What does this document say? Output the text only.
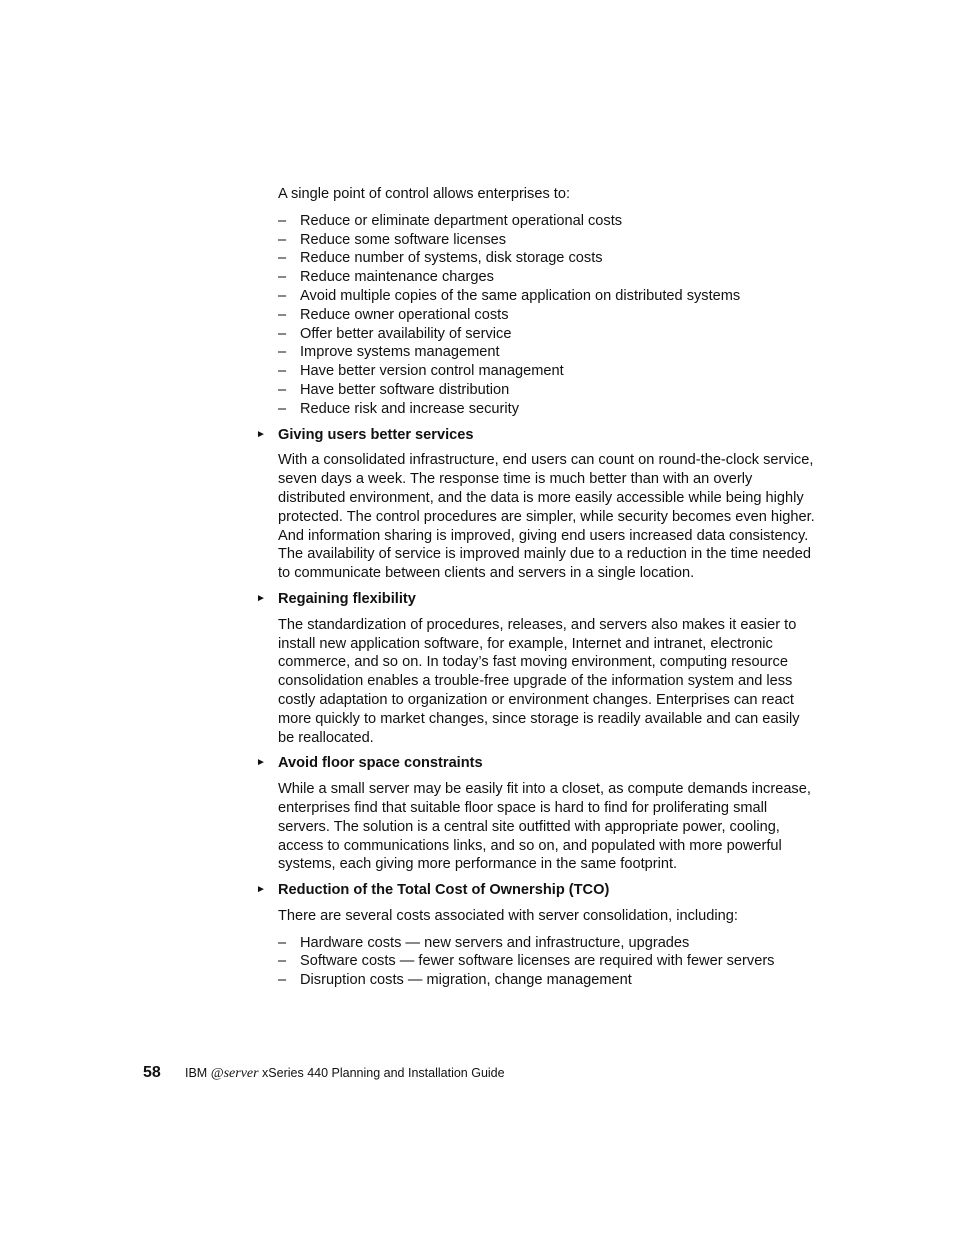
A single point of control allows enterprises to:

– Reduce or eliminate department operational costs
– Reduce some software licenses
– Reduce number of systems, disk storage costs
– Reduce maintenance charges
– Avoid multiple copies of the same application on distributed systems
– Reduce owner operational costs
– Offer better availability of service
– Improve systems management
– Have better version control management
– Have better software distribution
– Reduce risk and increase security

► Giving users better services

With a consolidated infrastructure, end users can count on round-the-clock service, seven days a week. The response time is much better than with an overly distributed environment, and the data is more easily accessible while being highly protected. The control procedures are simpler, while security becomes even higher. And information sharing is improved, giving end users increased data consistency. The availability of service is improved mainly due to a reduction in the time needed to communicate between clients and servers in a single location.

► Regaining flexibility

The standardization of procedures, releases, and servers also makes it easier to install new application software, for example, Internet and intranet, electronic commerce, and so on. In today’s fast moving environment, computing resource consolidation enables a trouble-free upgrade of the information system and less costly adaptation to organization or environment changes. Enterprises can react more quickly to market changes, since storage is readily available and can easily be reallocated.

► Avoid floor space constraints

While a small server may be easily fit into a closet, as compute demands increase, enterprises find that suitable floor space is hard to find for proliferating small servers. The solution is a central site outfitted with appropriate power, cooling, access to communications links, and so on, and populated with more powerful systems, each giving more performance in the same footprint.

► Reduction of the Total Cost of Ownership (TCO)

There are several costs associated with server consolidation, including:

– Hardware costs — new servers and infrastructure, upgrades
– Software costs — fewer software licenses are required with fewer servers
– Disruption costs — migration, change management
58	IBM @server xSeries 440 Planning and Installation Guide
